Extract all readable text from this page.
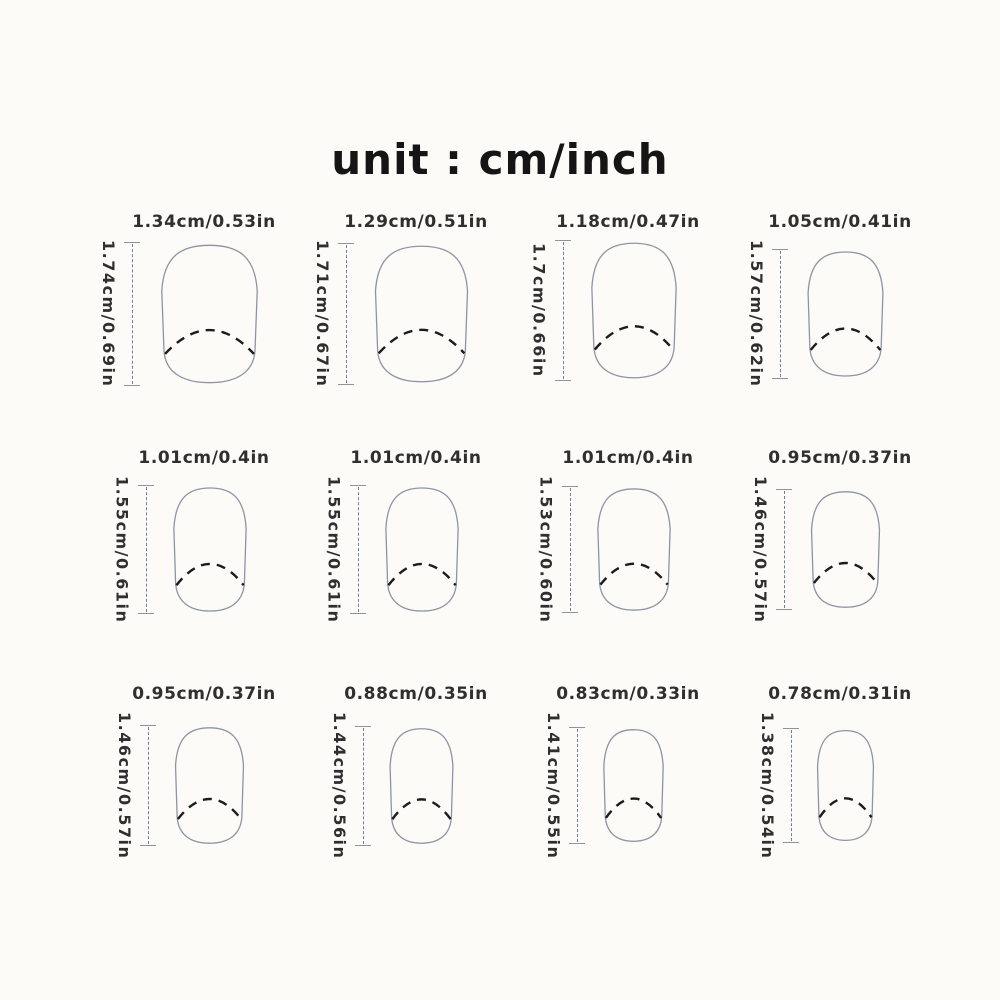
unit : cm/inch
1.34cm/0.53in
1.74cm/0.69in
1.29cm/0.51in
1.71cm/0.67in
1.18cm/0.47in
1.7cm/0.66in
1.05cm/0.41in
1.57cm/0.62in
1.01cm/0.4in
1.55cm/0.61in
1.01cm/0.4in
1.55cm/0.61in
1.01cm/0.4in
1.53cm/0.60in
0.95cm/0.37in
1.46cm/0.57in
0.95cm/0.37in
1.46cm/0.57in
0.88cm/0.35in
1.44cm/0.56in
0.83cm/0.33in
1.41cm/0.55in
0.78cm/0.31in
1.38cm/0.54in
